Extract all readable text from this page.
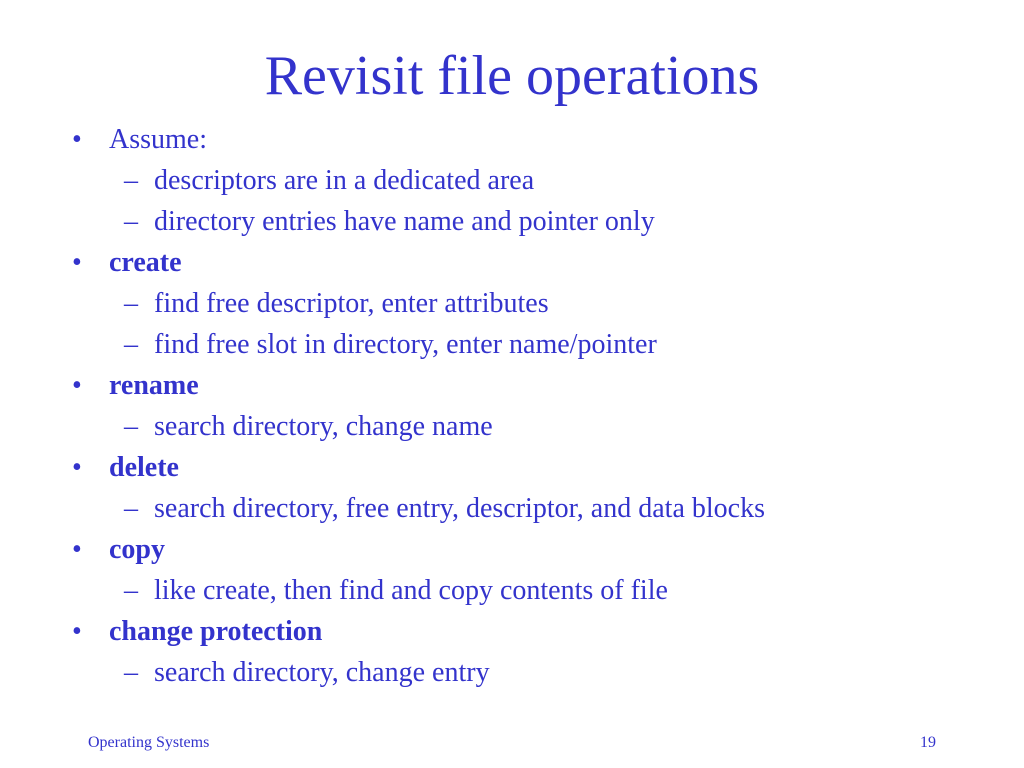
Revisit file operations
• Assume:
– descriptors are in a dedicated area
– directory entries have name and pointer only
• create
– find free descriptor, enter attributes
– find free slot in directory, enter name/pointer
• rename
– search directory, change name
• delete
– search directory, free entry, descriptor, and data blocks
• copy
– like create, then find and copy contents of file
• change protection
– search directory, change entry
Operating Systems	19
